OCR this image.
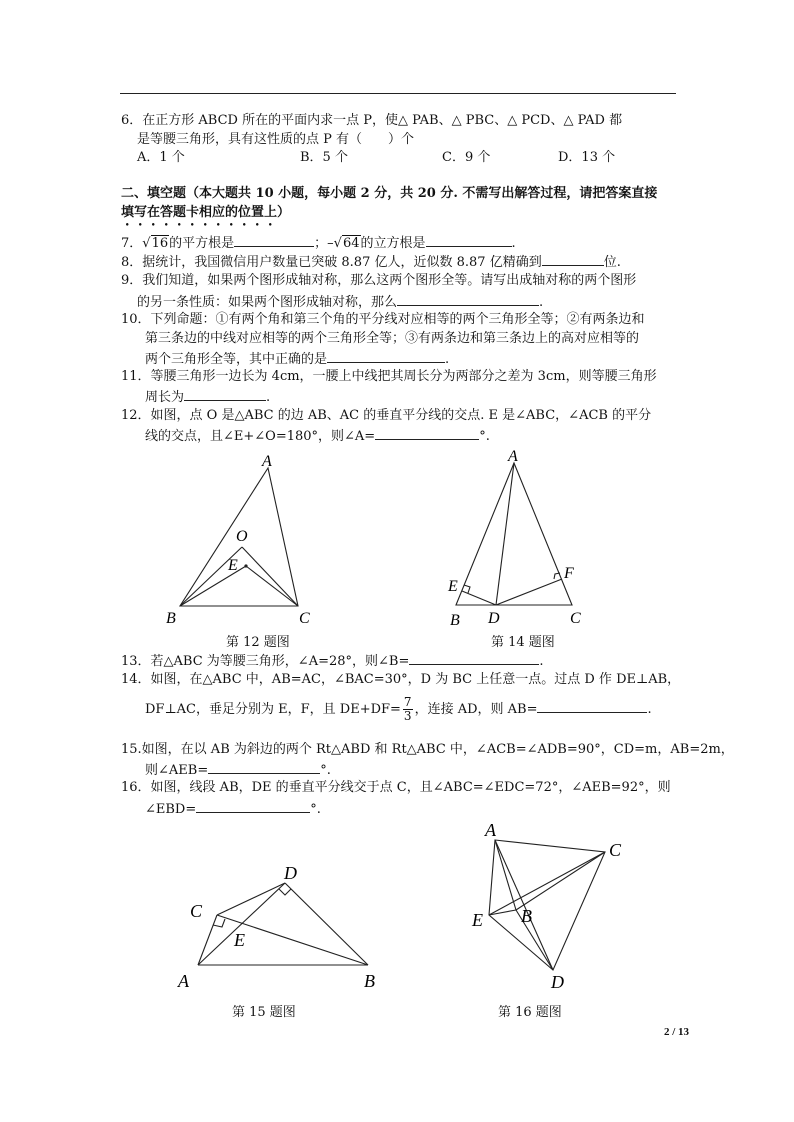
6．在正方形 ABCD 所在的平面内求一点 P，使△ PAB、△ PBC、△ PCD、△ PAD 都
是等腰三角形，具有这性质的点 P 有（　　）个
A．1 个	B．5 个	C．9 个	D．13 个
二、填空题（本大题共 10 小题，每小题 2 分，共 20 分. 不需写出解答过程，请把答案直接
填写在答题卡相应的位置上）
7．√16的平方根是	；–√64的立方根是	.
8．据统计，我国微信用户数量已突破 8.87 亿人，近似数 8.87 亿精确到	位.
9．我们知道，如果两个图形成轴对称，那么这两个图形全等。请写出成轴对称的两个图形
的另一条性质：如果两个图形成轴对称，那么	.
10．下列命题：①有两个角和第三个角的平分线对应相等的两个三角形全等；②有两条边和
第三条边的中线对应相等的两个三角形全等；③有两条边和第三条边上的高对应相等的
两个三角形全等，其中正确的是	.
11．等腰三角形一边长为 4cm，一腰上中线把其周长分为两部分之差为 3cm，则等腰三角形
周长为	.
12．如图，点 O 是△ABC 的边 AB、AC 的垂直平分线的交点. E 是∠ABC，∠ACB 的平分
线的交点，且∠E+∠O=180°，则∠A=	°.
A
O
E
B	C
第 12 题图
A
E
F
B D	C
第 14 题图
13．若△ABC 为等腰三角形，∠A=28°，则∠B=	.
14．如图，在△ABC 中，AB=AC，∠BAC=30°，D 为 BC 上任意一点。过点 D 作 DE⊥AB，
DF⊥AC，垂足分别为 E，F，且 $DE+DF= \frac{7}{3}$ ，连接 AD，则 AB=	.
15.如图，在以 AB 为斜边的两个 Rt△ABD 和 Rt△ABC 中，∠ACB=∠ADB=90°，CD=m，AB=2m，
则∠AEB=	°.
16．如图，线段 AB，DE 的垂直平分线交于点 C，且∠ABC=∠EDC=72°，∠AEB=92°，则
∠EBD=	°.
C
D
E
A	B
第 15 题图
A
C
E B
D
第 16 题图
2 / 13
